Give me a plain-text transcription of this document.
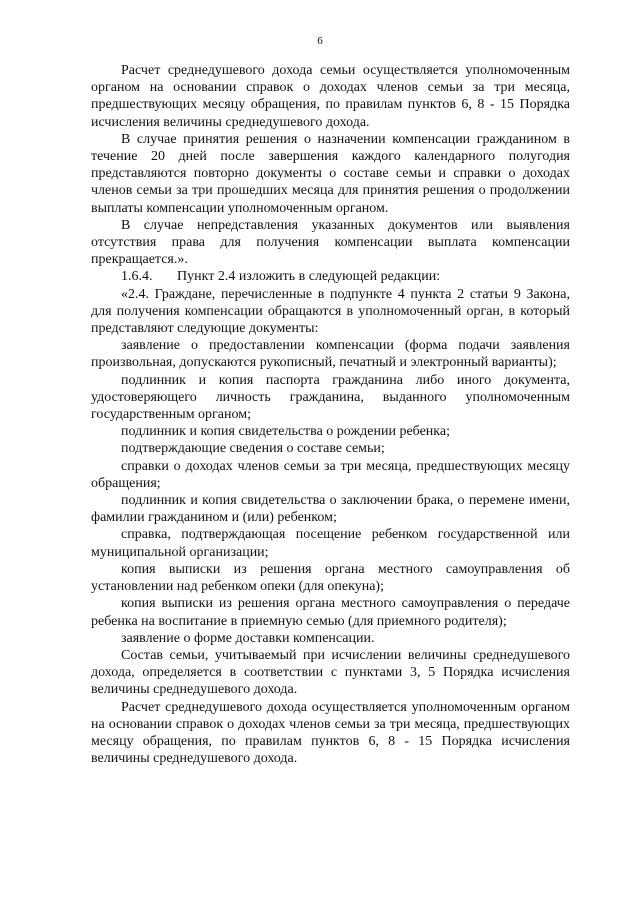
6

Расчет среднедушевого дохода семьи осуществляется уполномоченным органом на основании справок о доходах членов семьи за три месяца, предшествующих месяцу обращения, по правилам пунктов 6, 8 - 15 Порядка исчисления величины среднедушевого дохода.

В случае принятия решения о назначении компенсации гражданином в течение 20 дней после завершения каждого календарного полугодия представляются повторно документы о составе семьи и справки о доходах членов семьи за три прошедших месяца для принятия решения о продолжении выплаты компенсации уполномоченным органом.

В случае непредставления указанных документов или выявления отсутствия права для получения компенсации выплата компенсации прекращается.».

1.6.4.       Пункт 2.4 изложить в следующей редакции:

«2.4. Граждане, перечисленные в подпункте 4 пункта 2 статьи 9 Закона, для получения компенсации обращаются в уполномоченный орган, в который представляют следующие документы:

заявление о предоставлении компенсации (форма подачи заявления произвольная, допускаются рукописный, печатный и электронный варианты);

подлинник и копия паспорта гражданина либо иного документа, удостоверяющего личность гражданина, выданного уполномоченным государственным органом;

подлинник и копия свидетельства о рождении ребенка;

подтверждающие сведения о составе семьи;

справки о доходах членов семьи за три месяца, предшествующих месяцу обращения;

подлинник и копия свидетельства о заключении брака, о перемене имени, фамилии гражданином и (или) ребенком;

справка, подтверждающая посещение ребенком государственной или муниципальной организации;

копия выписки из решения органа местного самоуправления об установлении над ребенком опеки (для опекуна);

копия выписки из решения органа местного самоуправления о передаче ребенка на воспитание в приемную семью (для приемного родителя);

заявление о форме доставки компенсации.

Состав семьи, учитываемый при исчислении величины среднедушевого дохода, определяется в соответствии с пунктами 3, 5 Порядка исчисления величины среднедушевого дохода.

Расчет среднедушевого дохода осуществляется уполномоченным органом на основании справок о доходах членов семьи за три месяца, предшествующих месяцу обращения, по правилам пунктов 6, 8 - 15 Порядка исчисления величины среднедушевого дохода.
